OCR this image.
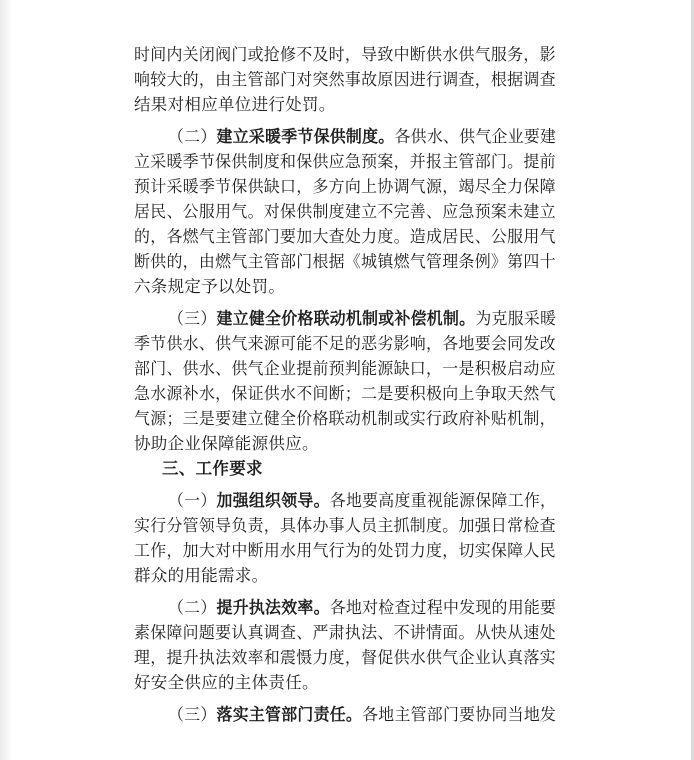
时间内关闭阀门或抢修不及时，导致中断供水供气服务，影
响较大的，由主管部门对突然事故原因进行调查，根据调查
结果对相应单位进行处罚。
（二）建立采暖季节保供制度。各供水、供气企业要建
立采暖季节保供制度和保供应急预案，并报主管部门。提前
预计采暖季节保供缺口，多方向上协调气源，竭尽全力保障
居民、公服用气。对保供制度建立不完善、应急预案未建立
的，各燃气主管部门要加大查处力度。造成居民、公服用气
断供的，由燃气主管部门根据《城镇燃气管理条例》第四十
六条规定予以处罚。
（三）建立健全价格联动机制或补偿机制。为克服采暖
季节供水、供气来源可能不足的恶劣影响，各地要会同发改
部门、供水、供气企业提前预判能源缺口，一是积极启动应
急水源补水，保证供水不间断；二是要积极向上争取天然气
气源；三是要建立健全价格联动机制或实行政府补贴机制，
协助企业保障能源供应。
三、工作要求
（一）加强组织领导。各地要高度重视能源保障工作，
实行分管领导负责，具体办事人员主抓制度。加强日常检查
工作，加大对中断用水用气行为的处罚力度，切实保障人民
群众的用能需求。
（二）提升执法效率。各地对检查过程中发现的用能要
素保障问题要认真调查、严肃执法、不讲情面。从快从速处
理，提升执法效率和震慑力度，督促供水供气企业认真落实
好安全供应的主体责任。
（三）落实主管部门责任。各地主管部门要协同当地发
